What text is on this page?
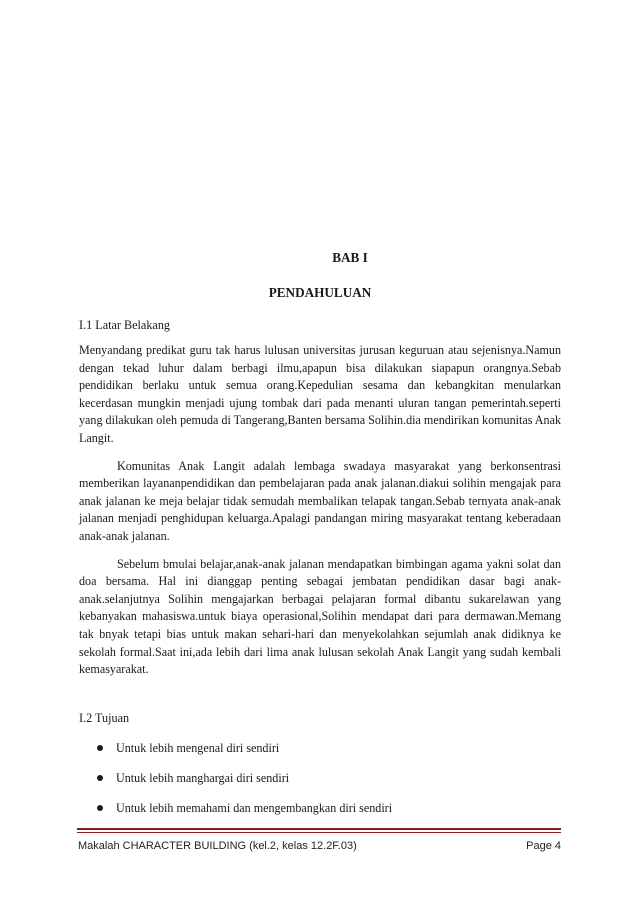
BAB I

PENDAHULUAN

I.1 Latar Belakang

Menyandang predikat guru tak harus lulusan universitas jurusan keguruan atau sejenisnya.Namun dengan tekad luhur dalam berbagi ilmu,apapun bisa dilakukan siapapun orangnya.Sebab pendidikan berlaku untuk semua orang.Kepedulian sesama dan kebangkitan menularkan kecerdasan mungkin menjadi ujung tombak dari pada menanti uluran tangan pemerintah.seperti yang dilakukan oleh pemuda di Tangerang,Banten bersama Solihin.dia mendirikan komunitas Anak Langit.

Komunitas Anak Langit adalah lembaga swadaya masyarakat yang berkonsentrasi memberikan layananpendidikan dan pembelajaran pada anak jalanan.diakui solihin mengajak para anak jalanan ke meja belajar tidak semudah membalikan telapak tangan.Sebab ternyata anak-anak jalanan menjadi penghidupan keluarga.Apalagi pandangan miring masyarakat tentang keberadaan anak-anak jalanan.

Sebelum bmulai belajar,anak-anak jalanan mendapatkan bimbingan agama yakni solat dan doa bersama. Hal ini dianggap penting sebagai jembatan pendidikan dasar bagi anak-anak.selanjutnya Solihin mengajarkan berbagai pelajaran formal dibantu sukarelawan yang kebanyakan mahasiswa.untuk biaya operasional,Solihin mendapat dari para dermawan.Memang tak bnyak tetapi bias untuk makan sehari-hari dan menyekolahkan sejumlah anak didiknya ke sekolah formal.Saat ini,ada lebih dari lima anak lulusan sekolah Anak Langit yang sudah kembali kemasyarakat.

I.2 Tujuan

Untuk lebih mengenal diri sendiri
Untuk lebih manghargai diri sendiri
Untuk lebih memahami dan mengembangkan diri sendiri
Makalah CHARACTER BUILDING (kel.2, kelas 12.2F.03)	Page 4
